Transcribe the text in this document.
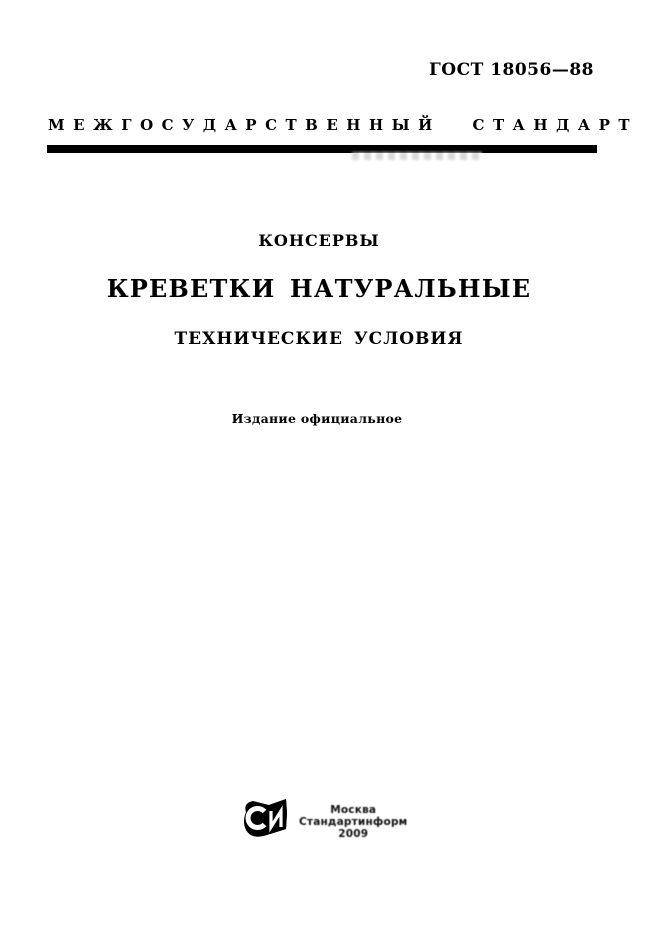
ГОСТ 18056—88
МЕЖГОСУДАРСТВЕННЫЙ СТАНДАРТ
КОНСЕРВЫ
КРЕВЕТКИ НАТУРАЛЬНЫЕ
ТЕХНИЧЕСКИЕ УСЛОВИЯ
Издание официальное
Москва
Стандартинформ
2009
